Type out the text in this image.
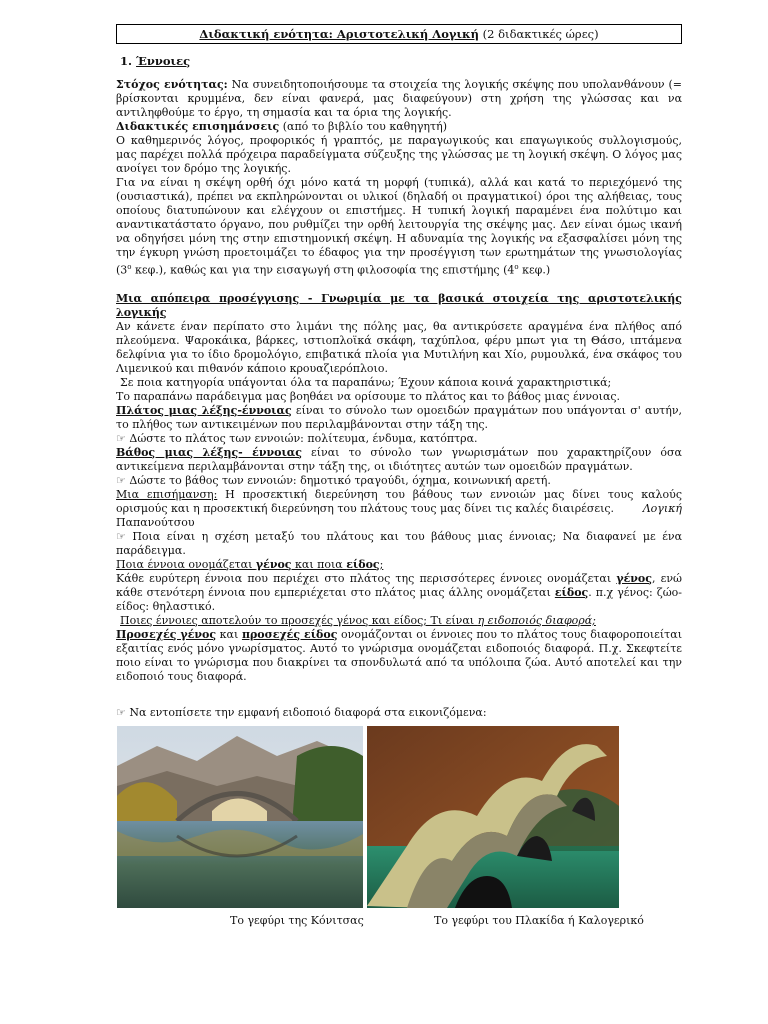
Διδακτική ενότητα: Αριστοτελική Λογική (2 διδακτικές ώρες)
1. Έννοιες

Στόχος ενότητας: Να συνειδητοποιήσουμε τα στοιχεία της λογικής σκέψης που υπολανθάνουν (= βρίσκονται κρυμμένα, δεν είναι φανερά, μας διαφεύγουν) στη χρήση της γλώσσας και να αντιληφθούμε το έργο, τη σημασία και τα όρια της λογικής.

Διδακτικές επισημάνσεις (από το βιβλίο του καθηγητή)

Ο καθημερινός λόγος, προφορικός ή γραπτός, με παραγωγικούς και επαγωγικούς συλλογισμούς, μας παρέχει πολλά πρόχειρα παραδείγματα σύζευξης της γλώσσας με τη λογική σκέψη. Ο λόγος μας ανοίγει τον δρόμο της λογικής.

Για να είναι η σκέψη ορθή όχι μόνο κατά τη μορφή (τυπικά), αλλά και κατά το περιεχόμενό της (ουσιαστικά), πρέπει να εκπληρώνονται οι υλικοί (δηλαδή οι πραγματικοί) όροι της αλήθειας, τους οποίους διατυπώνουν και ελέγχουν οι επιστήμες. Η τυπική λογική παραμένει ένα πολύτιμο και αναντικατάστατο όργανο, που ρυθμίζει την ορθή λειτουργία της σκέψης μας. Δεν είναι όμως ικανή να οδηγήσει μόνη της στην επιστημονική σκέψη. Η αδυναμία της λογικής να εξασφαλίσει μόνη της την έγκυρη γνώση προετοιμάζει το έδαφος για την προσέγγιση των ερωτημάτων της γνωσιολογίας ($3^o$ κεφ.), καθώς και για την εισαγωγή στη φιλοσοφία της επιστήμης ($4^o$ κεφ.)

Μια απόπειρα προσέγγισης - Γνωριμία με τα βασικά στοιχεία της αριστοτελικής λογικής

Αν κάνετε έναν περίπατο στο λιμάνι της πόλης μας, θα αντικρύσετε αραγμένα ένα πλήθος από πλεούμενα. Ψαροκάικα, βάρκες, ιστιοπλοϊκά σκάφη, ταχύπλοα, φέρυ μπωτ για τη Θάσο, ιπτάμενα δελφίνια για το ίδιο δρομολόγιο, επιβατικά πλοία για Μυτιλήνη και Χίο, ρυμουλκά, ένα σκάφος του Λιμενικού και πιθανόν κάποιο κρουαζιερόπλοιο.

Σε ποια κατηγορία υπάγονται όλα τα παραπάνω; Έχουν κάποια κοινά χαρακτηριστικά;

Το παραπάνω παράδειγμα μας βοηθάει να ορίσουμε το πλάτος και το βάθος μιας έννοιας.

Πλάτος μιας λέξης-έννοιας είναι το σύνολο των ομοειδών πραγμάτων που υπάγονται σ' αυτήν, το πλήθος των αντικειμένων που περιλαμβάνονται στην τάξη της.

☞ Δώστε το πλάτος των εννοιών: πολίτευμα, ένδυμα, κατόπτρα.

Βάθος μιας λέξης- έννοιας είναι το σύνολο των γνωρισμάτων που χαρακτηρίζουν όσα αντικείμενα περιλαμβάνονται στην τάξη της, οι ιδιότητες αυτών των ομοειδών πραγμάτων.

☞ Δώστε το βάθος των εννοιών: δημοτικό τραγούδι, όχημα, κοινωνική αρετή.

Μια επισήμανση: Η προσεκτική διερεύνηση του βάθους των εννοιών μας δίνει τους καλούς ορισμούς και η προσεκτική διερεύνηση του πλάτους τους μας δίνει τις καλές διαιρέσεις.	Λογική

Παπανούτσου

☞ Ποια είναι η σχέση μεταξύ του πλάτους και του βάθους μιας έννοιας; Να διαφανεί με ένα παράδειγμα.

Ποια έννοια ονομάζεται γένος και ποια είδος;

Κάθε ευρύτερη έννοια που περιέχει στο πλάτος της περισσότερες έννοιες ονομάζεται γένος, ενώ κάθε στενότερη έννοια που εμπεριέχεται στο πλάτος μιας άλλης ονομάζεται είδος. π.χ γένος: ζώο- είδος: θηλαστικό.

Ποιες έννοιες αποτελούν το προσεχές γένος και είδος; Τι είναι η ειδοποιός διαφορά;

Προσεχές γένος και προσεχές είδος ονομάζονται οι έννοιες που το πλάτος τους διαφοροποιείται εξαιτίας ενός μόνο γνωρίσματος. Αυτό το γνώρισμα ονομάζεται ειδοποιός διαφορά. Π.χ. Σκεφτείτε ποιο είναι το γνώρισμα που διακρίνει τα σπονδυλωτά από τα υπόλοιπα ζώα. Αυτό αποτελεί και την ειδοποιό τους διαφορά.

☞ Να εντοπίσετε την εμφανή ειδοποιό διαφορά στα εικονιζόμενα:

Το γεφύρι της Κόνιτσας	Το γεφύρι του Πλακίδα ή Καλογερικό
